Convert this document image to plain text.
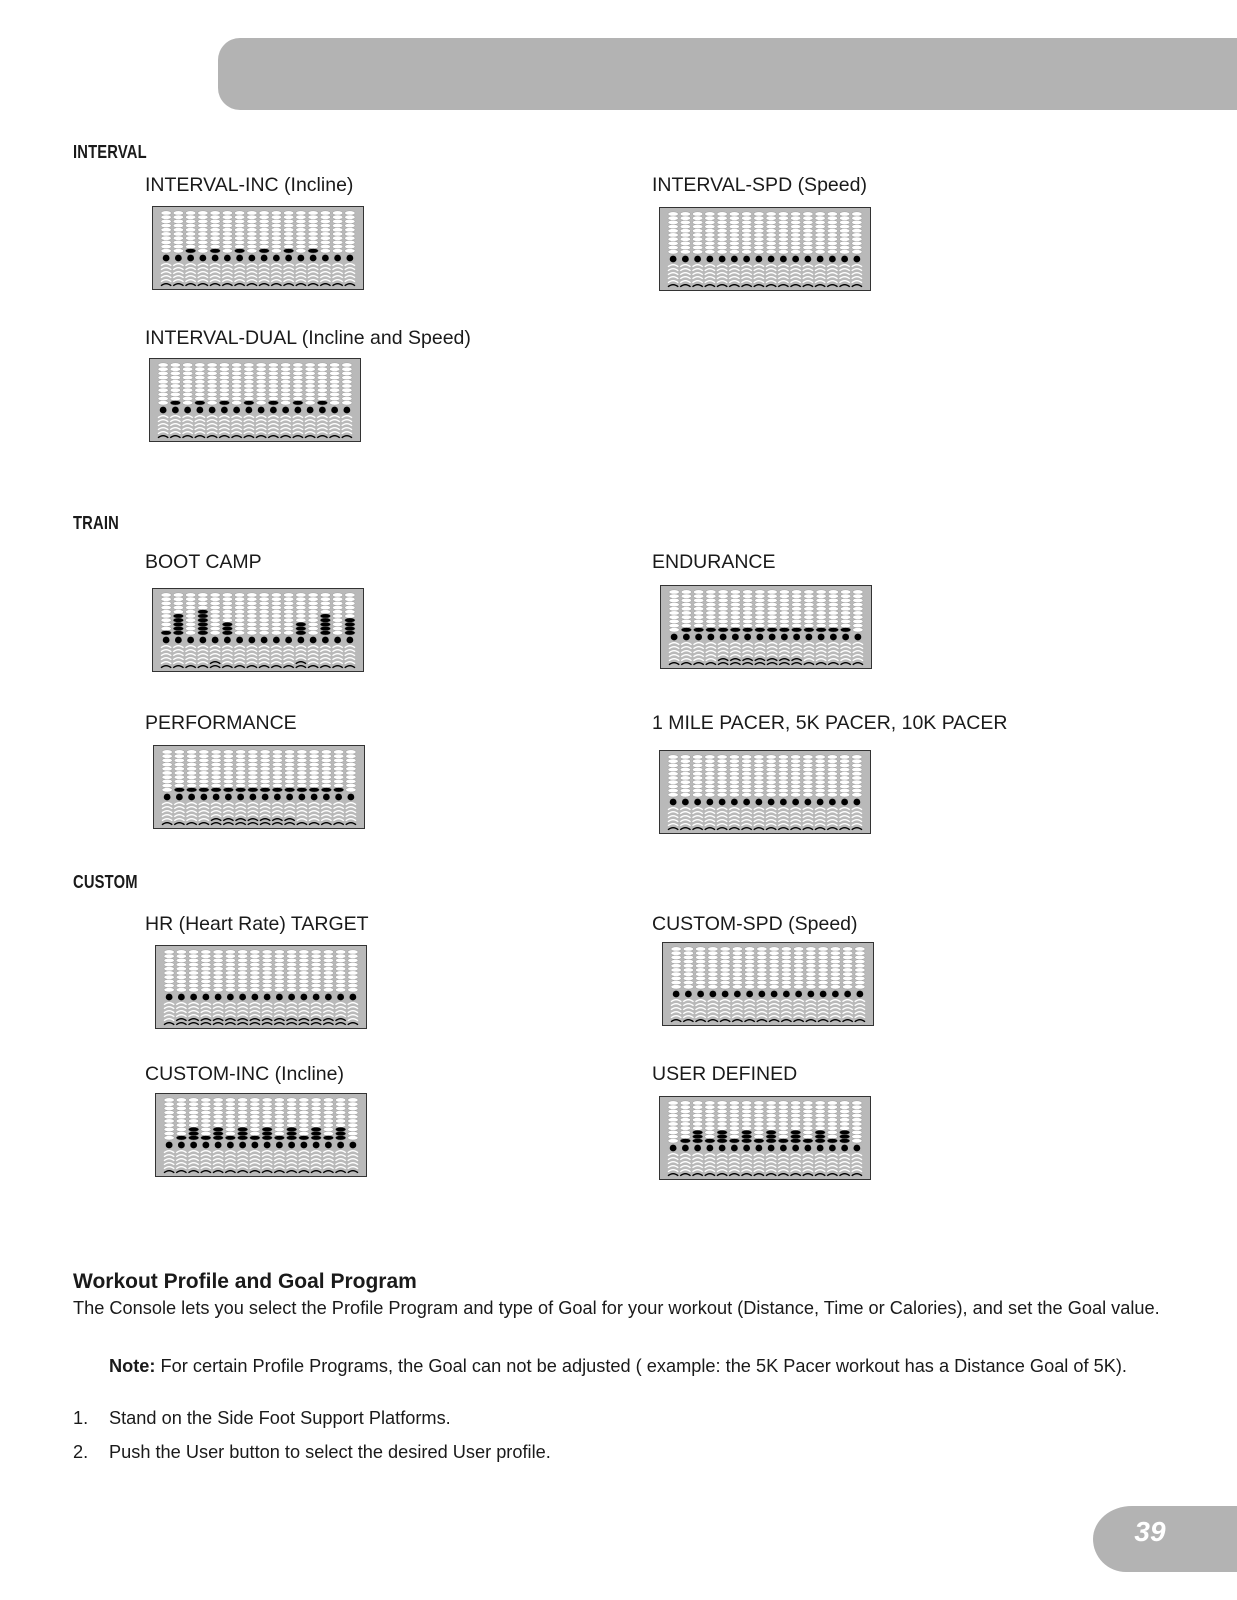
INTERVAL
TRAIN
CUSTOM
INTERVAL-INC (Incline)	INTERVAL-SPD (Speed)
INTERVAL-DUAL (Incline and Speed)
BOOT CAMP	ENDURANCE
PERFORMANCE	1 MILE PACER, 5K PACER, 10K PACER
HR (Heart Rate) TARGET	CUSTOM-SPD (Speed)
CUSTOM-INC (Incline)	USER DEFINED
Workout Profile and Goal Program
The Console lets you select the Profile Program and type of Goal for your workout (Distance, Time or Calories), and set the Goal value.
Note: For certain Profile Programs, the Goal can not be adjusted ( example: the 5K Pacer workout has a Distance Goal of 5K).
1. Stand on the Side Foot Support Platforms.
2. Push the User button to select the desired User profile.
39
